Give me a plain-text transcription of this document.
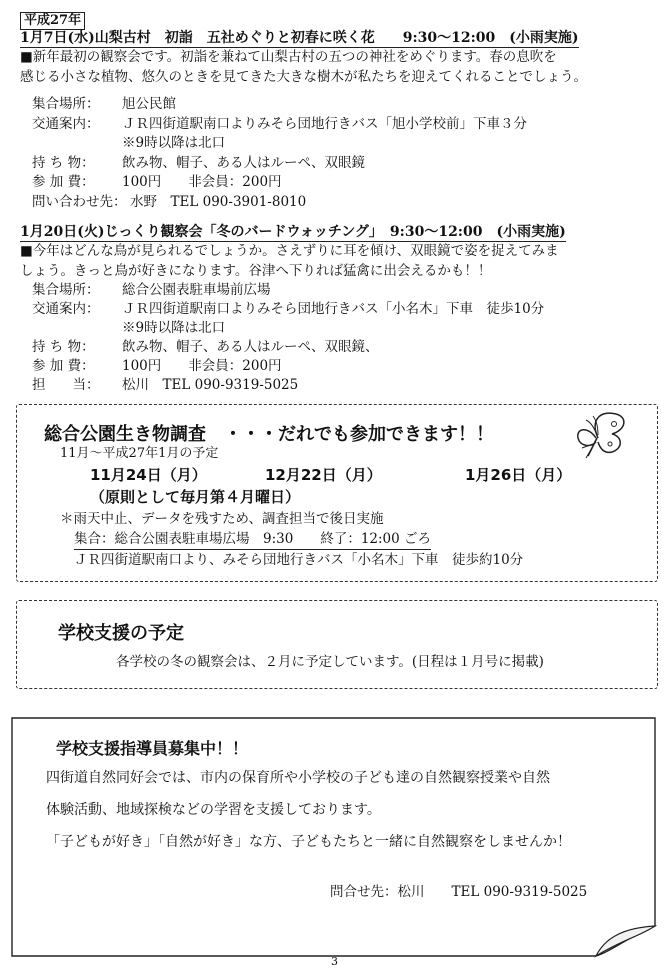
平成27年
1月7日(水)山梨古村　初詣　五社めぐりと初春に咲く花　　9:30～12:00　(小雨実施)
■新年最初の観察会です。初詣を兼ねて山梨古村の五つの神社をめぐります。春の息吹を
感じる小さな植物、悠久のときを見てきた大きな樹木が私たちを迎えてくれることでしょう。
集合場所： 旭公民館
交通案内： ＪＲ四街道駅南口よりみそら団地行きバス「旭小学校前」下車３分
※9時以降は北口
持 ち 物： 飲み物、帽子、ある人はルーペ、双眼鏡
参 加 費： 100円　　非会員：200円
問い合わせ先： 水野　TEL 090-3901-8010
1月20日(火)じっくり観察会「冬のバードウォッチング」　9:30～12:00　(小雨実施)
■今年はどんな鳥が見られるでしょうか。さえずりに耳を傾け、双眼鏡で姿を捉えてみま
しょう。きっと鳥が好きになります。谷津へ下りれば猛禽に出会えるかも！！
集合場所： 総合公園表駐車場前広場
交通案内： ＪＲ四街道駅南口よりみそら団地行きバス「小名木」下車　徒歩10分
※9時以降は北口
持 ち 物： 飲み物、帽子、ある人はルーペ、双眼鏡、
参 加 費： 100円　　非会員：200円
担　　当： 松川　TEL 090-9319-5025
総合公園生き物調査　・・・だれでも参加できます！！
11月～平成27年1月の予定
11月24日（月）	12月22日（月）	1月26日（月）
（原則として毎月第４月曜日）
＊雨天中止、データを残すため、調査担当で後日実施
集合：総合公園表駐車場広場　9:30　　終了：12:00 ごろ
ＪＲ四街道駅南口より、みそら団地行きバス「小名木」下車　徒歩約10分
学校支援の予定
各学校の冬の観察会は、２月に予定しています。(日程は１月号に掲載)
学校支援指導員募集中！！
四街道自然同好会では、市内の保育所や小学校の子ども達の自然観察授業や自然
体験活動、地域探検などの学習を支援しております。
「子どもが好き」「自然が好き」な方、子どもたちと一緒に自然観察をしませんか！
問合せ先：松川　　TEL 090-9319-5025
3
